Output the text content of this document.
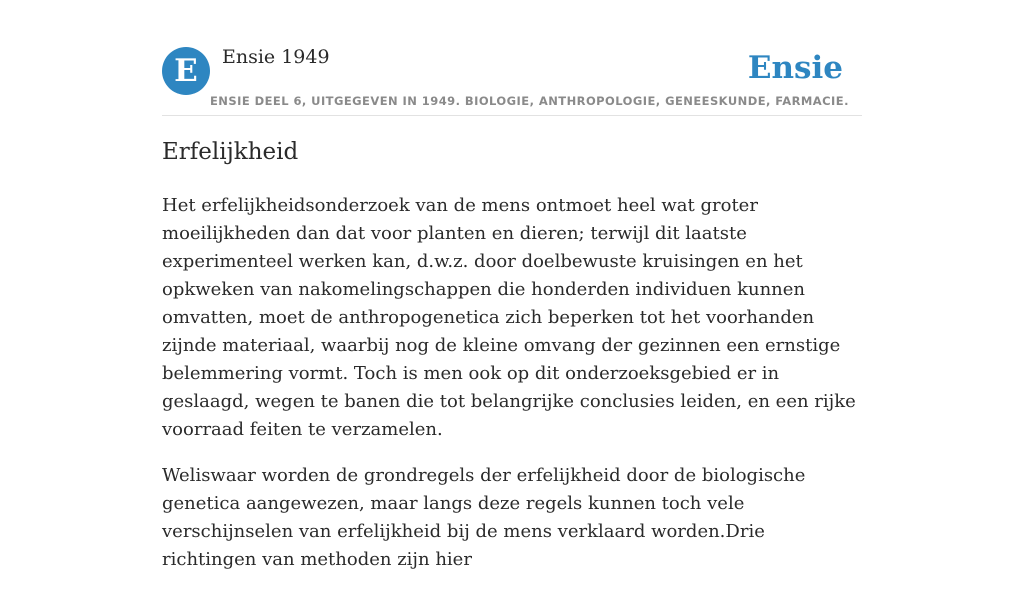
E	Ensie 1949	Ensie
ENSIE DEEL 6, UITGEGEVEN IN 1949. BIOLOGIE, ANTHROPOLOGIE, GENEESKUNDE, FARMACIE.
Erfelijkheid

Het erfelijkheidsonderzoek van de mens ontmoet heel wat groter moeilijkheden dan dat voor planten en dieren; terwijl dit laatste experimenteel werken kan, d.w.z. door doelbewuste kruisingen en het opkweken van nakomelingschappen die honderden individuen kunnen omvatten, moet de anthropogenetica zich beperken tot het voorhanden zijnde materiaal, waarbij nog de kleine omvang der gezinnen een ernstige belemmering vormt. Toch is men ook op dit onderzoeksgebied er in geslaagd, wegen te banen die tot belangrijke conclusies leiden, en een rijke voorraad feiten te verzamelen.

Weliswaar worden de grondregels der erfelijkheid door de biologische genetica aangewezen, maar langs deze regels kunnen toch vele verschijnselen van erfelijkheid bij de mens verklaard worden.Drie richtingen van methoden zijn hier
